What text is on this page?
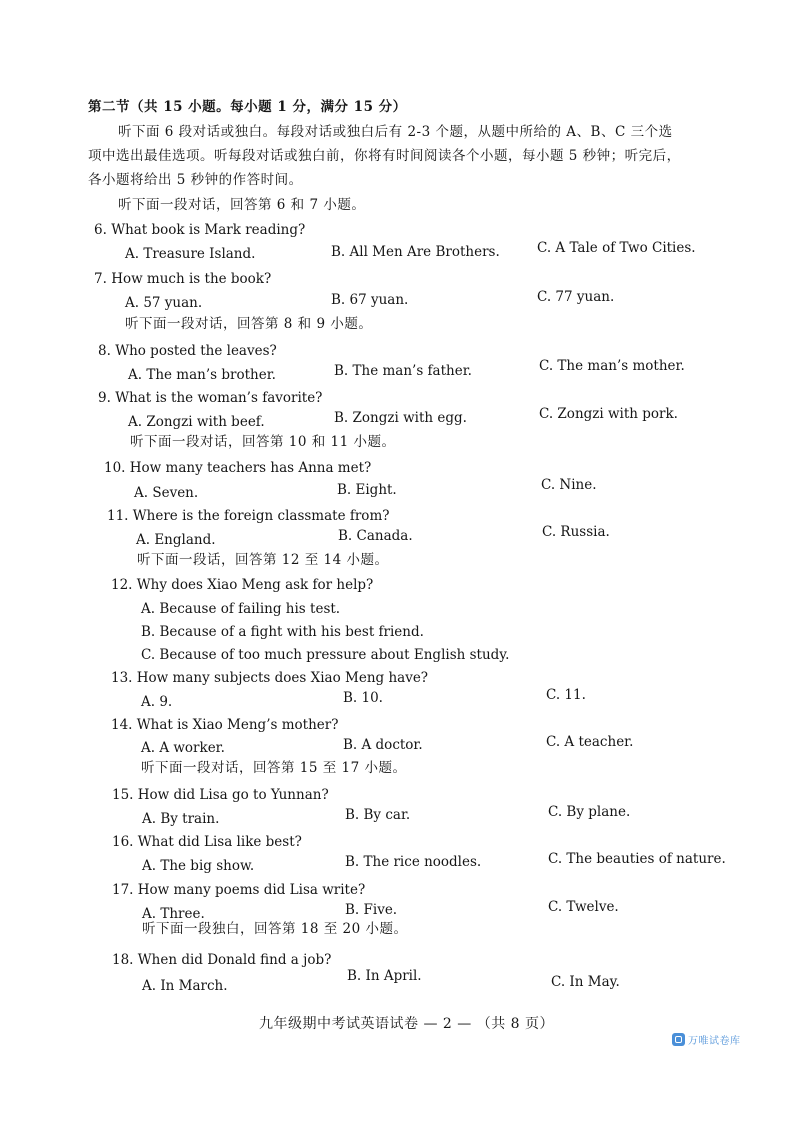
第二节（共 15 小题。每小题 1 分，满分 15 分）
听下面 6 段对话或独白。每段对话或独白后有 2-3 个题，从题中所给的 A、B、C 三个选
项中选出最佳选项。听每段对话或独白前，你将有时间阅读各个小题，每小题 5 秒钟；听完后，
各小题将给出 5 秒钟的作答时间。
听下面一段对话，回答第 6 和 7 小题。
6. What book is Mark reading?
A. Treasure Island.	B. All Men Are Brothers.	C. A Tale of Two Cities.
7. How much is the book?
A. 57 yuan.	B. 67 yuan.	C. 77 yuan.
听下面一段对话，回答第 8 和 9 小题。
8. Who posted the leaves?
A. The man’s brother.	B. The man’s father.	C. The man’s mother.
9. What is the woman’s favorite?
A. Zongzi with beef.	B. Zongzi with egg.	C. Zongzi with pork.
听下面一段对话，回答第 10 和 11 小题。
10. How many teachers has Anna met?
A. Seven.	B. Eight.	C. Nine.
11. Where is the foreign classmate from?
A. England.	B. Canada.	C. Russia.
听下面一段话，回答第 12 至 14 小题。
12. Why does Xiao Meng ask for help?
A. Because of failing his test.
B. Because of a fight with his best friend.
C. Because of too much pressure about English study.
13. How many subjects does Xiao Meng have?
A. 9.	B. 10.	C. 11.
14. What is Xiao Meng’s mother?
A. A worker.	B. A doctor.	C. A teacher.
听下面一段对话，回答第 15 至 17 小题。
15. How did Lisa go to Yunnan?
A. By train.	B. By car.	C. By plane.
16. What did Lisa like best?
A. The big show.	B. The rice noodles.	C. The beauties of nature.
17. How many poems did Lisa write?
A. Three.	B. Five.	C. Twelve.
听下面一段独白，回答第 18 至 20 小题。
18. When did Donald find a job?
A. In March.
B. In April.	C. In May.
九年级期中考试英语试卷 — 2 — （共 8 页）
万唯试卷库
